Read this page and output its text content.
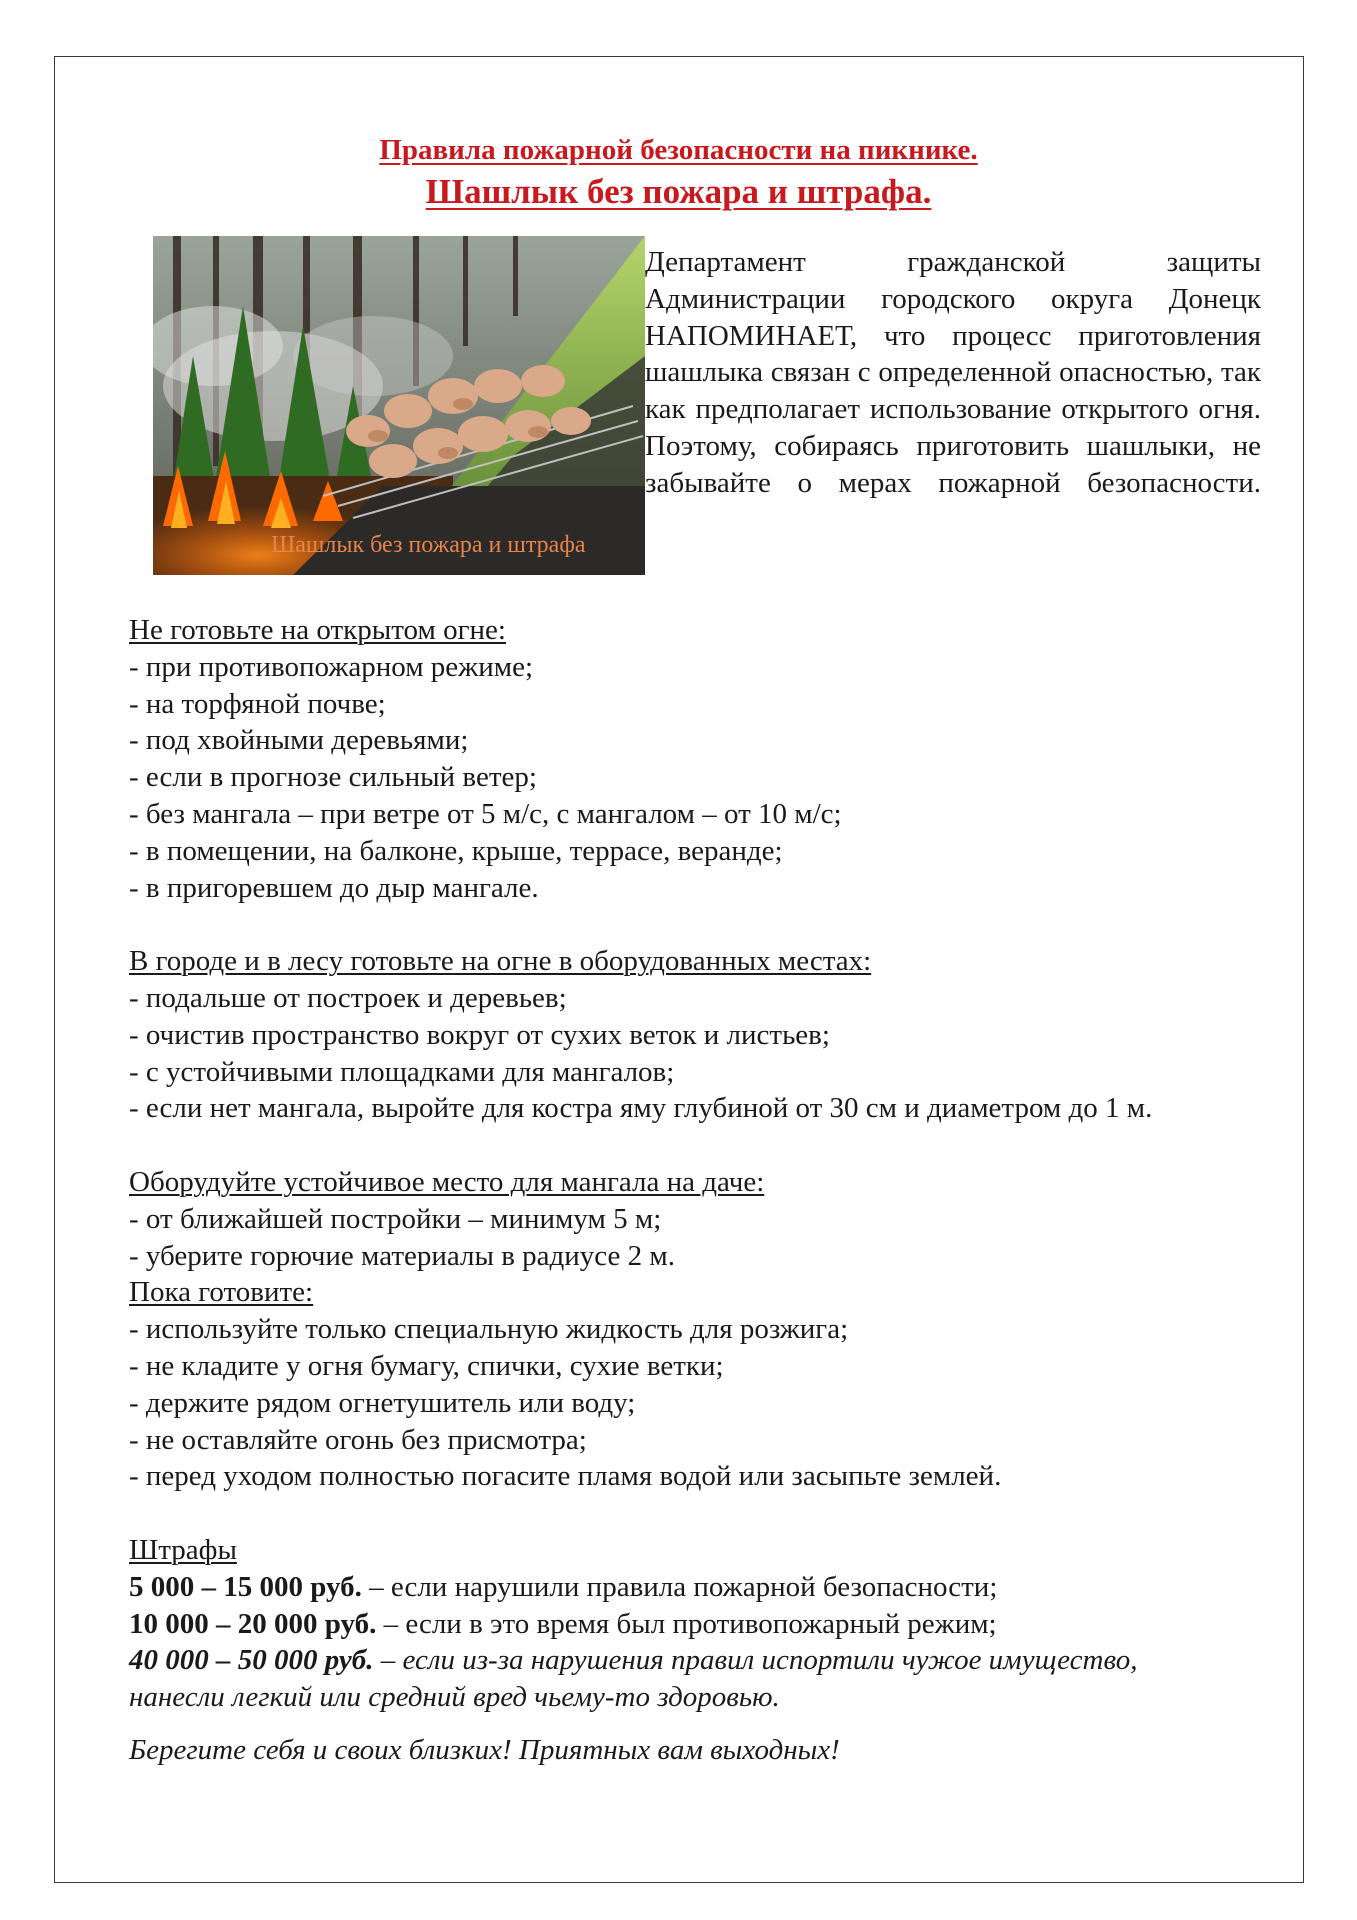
Правила пожарной безопасности на пикнике.
Шашлык без пожара и штрафа.
Шашлык без пожара и штрафа
Департамент гражданской защиты Администрации городского округа Донецк НАПОМИНАЕТ, что процесс приготовления шашлыка связан с определенной опасностью, так как предполагает использование открытого огня. Поэтому, собираясь приготовить шашлыки, не забывайте о мерах пожарной безопасности.
Не готовьте на открытом огне:
- при противопожарном режиме;
- на торфяной почве;
- под хвойными деревьями;
- если в прогнозе сильный ветер;
- без мангала – при ветре от 5 м/с, с мангалом – от 10 м/с;
- в помещении, на балконе, крыше, террасе, веранде;
- в пригоревшем до дыр мангале.
В городе и в лесу готовьте на огне в оборудованных местах:
- подальше от построек и деревьев;
- очистив пространство вокруг от сухих веток и листьев;
- с устойчивыми площадками для мангалов;
- если нет мангала, выройте для костра яму глубиной от 30 см и диаметром до 1 м.
Оборудуйте устойчивое место для мангала на даче:
- от ближайшей постройки – минимум 5 м;
- уберите горючие материалы в радиусе 2 м.
Пока готовите:
- используйте только специальную жидкость для розжига;
- не кладите у огня бумагу, спички, сухие ветки;
- держите рядом огнетушитель или воду;
- не оставляйте огонь без присмотра;
- перед уходом полностью погасите пламя водой или засыпьте землей.
Штрафы
5 000 – 15 000 руб. – если нарушили правила пожарной безопасности;
10 000 – 20 000 руб. – если в это время был противопожарный режим;
40 000 – 50 000 руб. – если из-за нарушения правил испортили чужое имущество,
нанесли легкий или средний вред чьему-то здоровью.
Берегите себя и своих близких! Приятных вам выходных!
